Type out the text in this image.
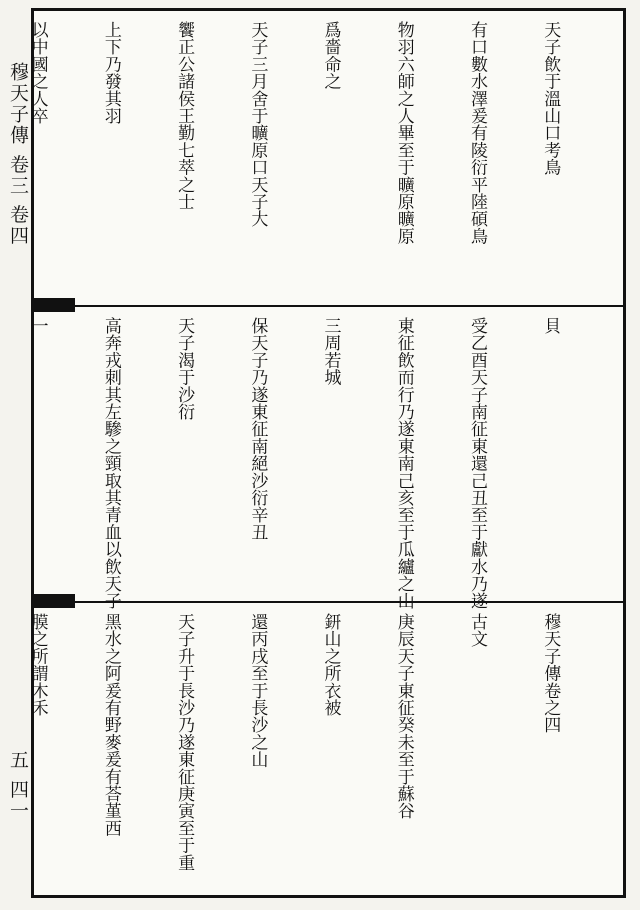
穆天子傳 卷三 卷四
五 四一

天子飲于溫山口考鳥

有口數水澤爰有陵衍平陸碩鳥

物羽六師之人畢至于曠原曠原

爲嗇命之

天子三月舍于曠原口天子大

饗正公諸侯王勤七萃之士

上下乃發其羽

以中國之人卒

貝

受乙酉天子南征東還己丑至于獻水乃遂

東征飲而行乃遂東南己亥至于瓜纑之山

三周若城

保天子乃遂東征南絕沙衍辛丑

天子渴于沙衍

高奔戎刺其左驂之頸取其青血以飲天子

一

穆天子傳卷之四

古文

庚辰天子東征癸未至于蘇谷

鈃山之所衣被

還丙戌至于長沙之山

天子升于長沙乃遂東征庚寅至于重

黑水之阿爰有野麥爰有荅堇西

膜之所謂木禾
